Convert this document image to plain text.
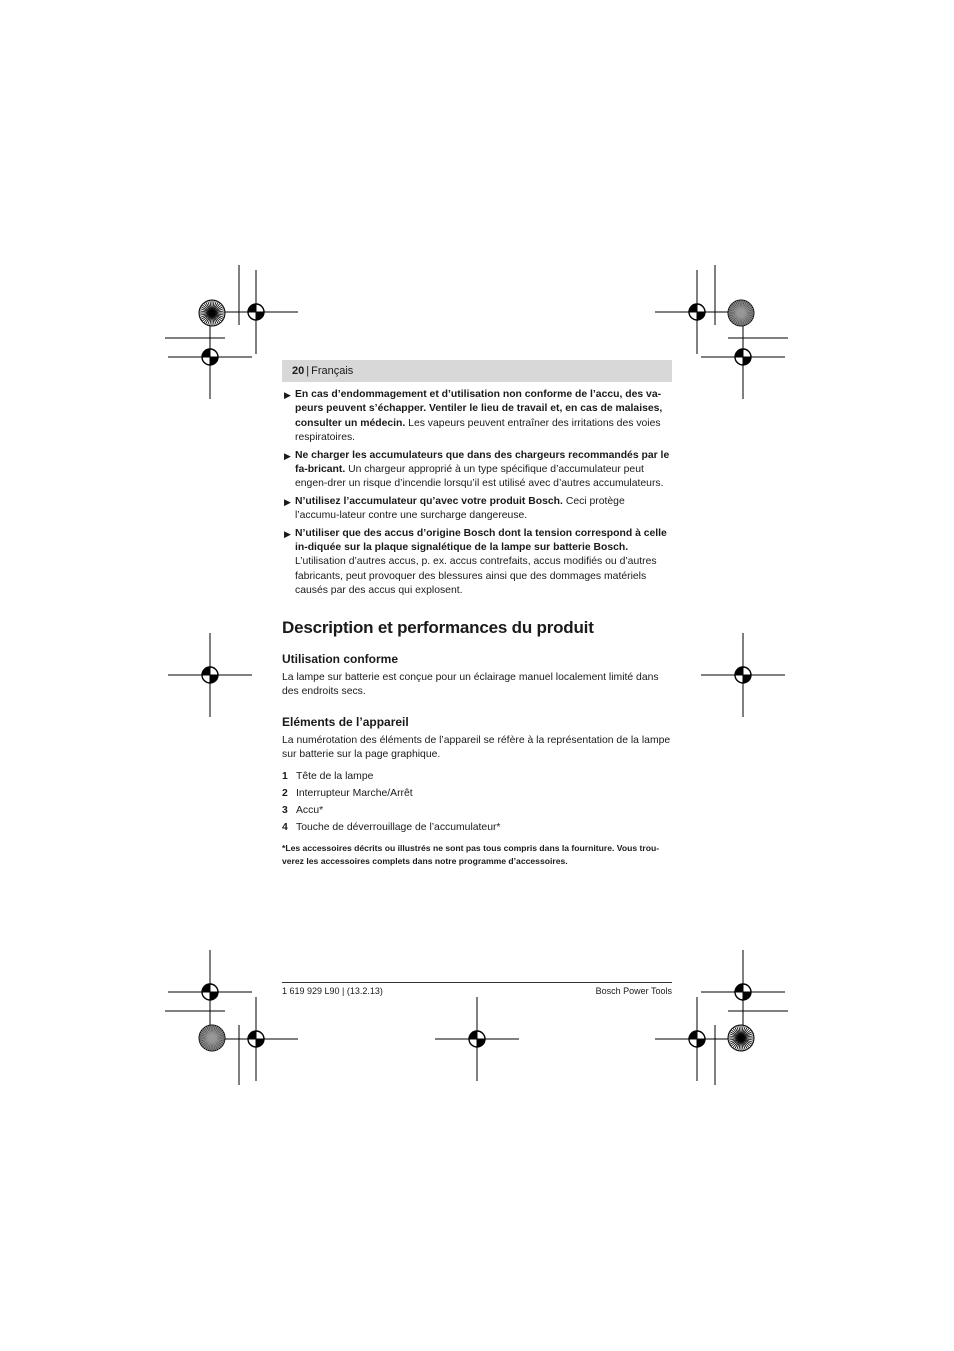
20 | Français
▶ En cas d’endommagement et d’utilisation non conforme de l’accu, des va-peurs peuvent s’échapper. Ventiler le lieu de travail et, en cas de malaises, consulter un médecin. Les vapeurs peuvent entraîner des irritations des voies respiratoires.
▶ Ne charger les accumulateurs que dans des chargeurs recommandés par le fa-bricant. Un chargeur approprié à un type spécifique d’accumulateur peut engen-drer un risque d’incendie lorsqu’il est utilisé avec d’autres accumulateurs.
▶ N’utilisez l’accumulateur qu’avec votre produit Bosch. Ceci protège l’accumu-lateur contre une surcharge dangereuse.
▶ N’utiliser que des accus d’origine Bosch dont la tension correspond à celle in-diquée sur la plaque signalétique de la lampe sur batterie Bosch. L’utilisation d’autres accus, p. ex. accus contrefaits, accus modifiés ou d’autres fabricants, peut provoquer des blessures ainsi que des dommages matériels causés par des accus qui explosent.
Description et performances du produit
Utilisation conforme

La lampe sur batterie est conçue pour un éclairage manuel localement limité dans des endroits secs.

Eléments de l’appareil

La numérotation des éléments de l’appareil se réfère à la représentation de la lampe sur batterie sur la page graphique.

1 Tête de la lampe
2 Interrupteur Marche/Arrêt
3 Accu*
4 Touche de déverrouillage de l’accumulateur*
*Les accessoires décrits ou illustrés ne sont pas tous compris dans la fourniture. Vous trou-verez les accessoires complets dans notre programme d’accessoires.
1 619 929 L90 | (13.2.13)	Bosch Power Tools
